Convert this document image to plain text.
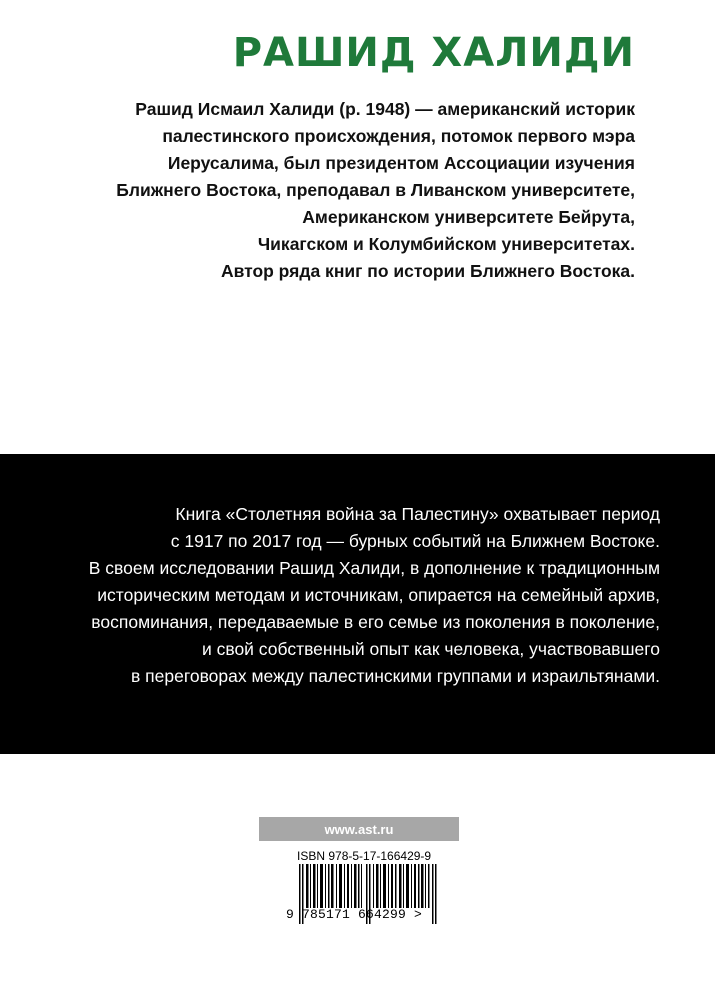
РАШИД ХАЛИДИ
Рашид Исмаил Халиди (р. 1948) — американский историк
палестинского происхождения, потомок первого мэра
Иерусалима, был президентом Ассоциации изучения
Ближнего Востока, преподавал в Ливанском университете,
Американском университете Бейрута,
Чикагском и Колумбийском университетах.
Автор ряда книг по истории Ближнего Востока.
Книга «Столетняя война за Палестину» охватывает период
с 1917 по 2017 год — бурных событий на Ближнем Востоке.
В своем исследовании Рашид Халиди, в дополнение к традиционным
историческим методам и источникам, опирается на семейный архив,
воспоминания, передаваемые в его семье из поколения в поколение,
и свой собственный опыт как человека, участвовавшего
в переговорах между палестинскими группами и израильтянами.
www.ast.ru
ISBN 978-5-17-166429-9
9 785171 664299 >
